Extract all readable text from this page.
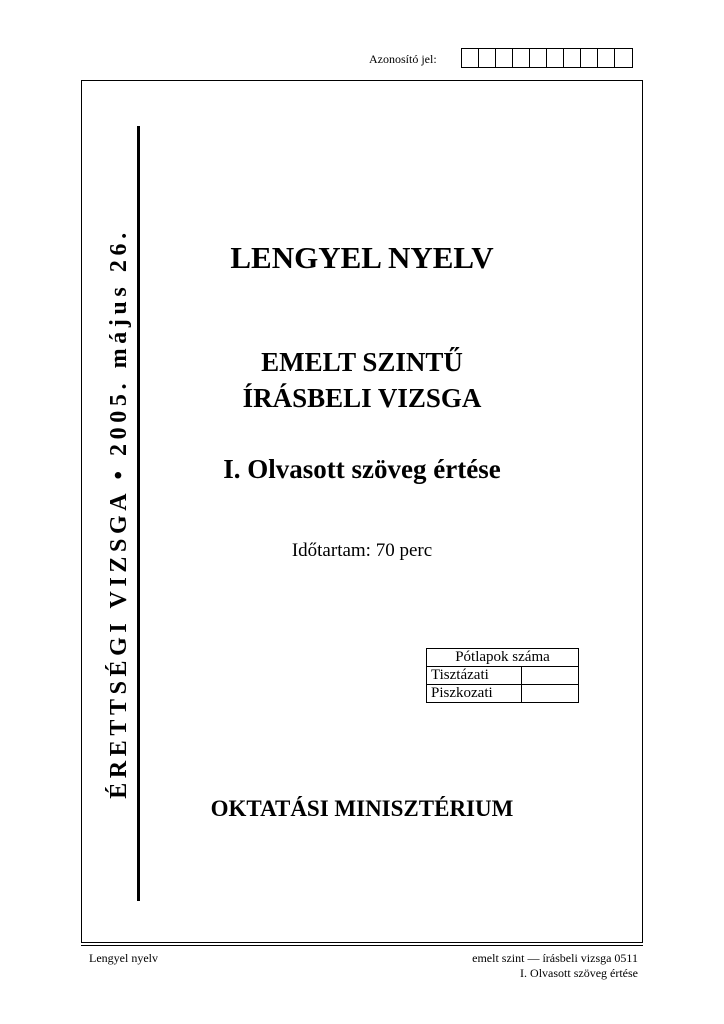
Azonosító jel:
ÉRETTSÉGI VIZSGA • 2005. május 26.	LENGYEL NYELV
EMELT SZINTŰ
ÍRÁSBELI VIZSGA
I. Olvasott szöveg értése
Időtartam: 70 perc
Pótlapok száma	
Tisztázati	
Piszkozati	
OKTATÁSI MINISZTÉRIUM
Lengyel nyelv	emelt szint — írásbeli vizsga 0511
I. Olvasott szöveg értése
